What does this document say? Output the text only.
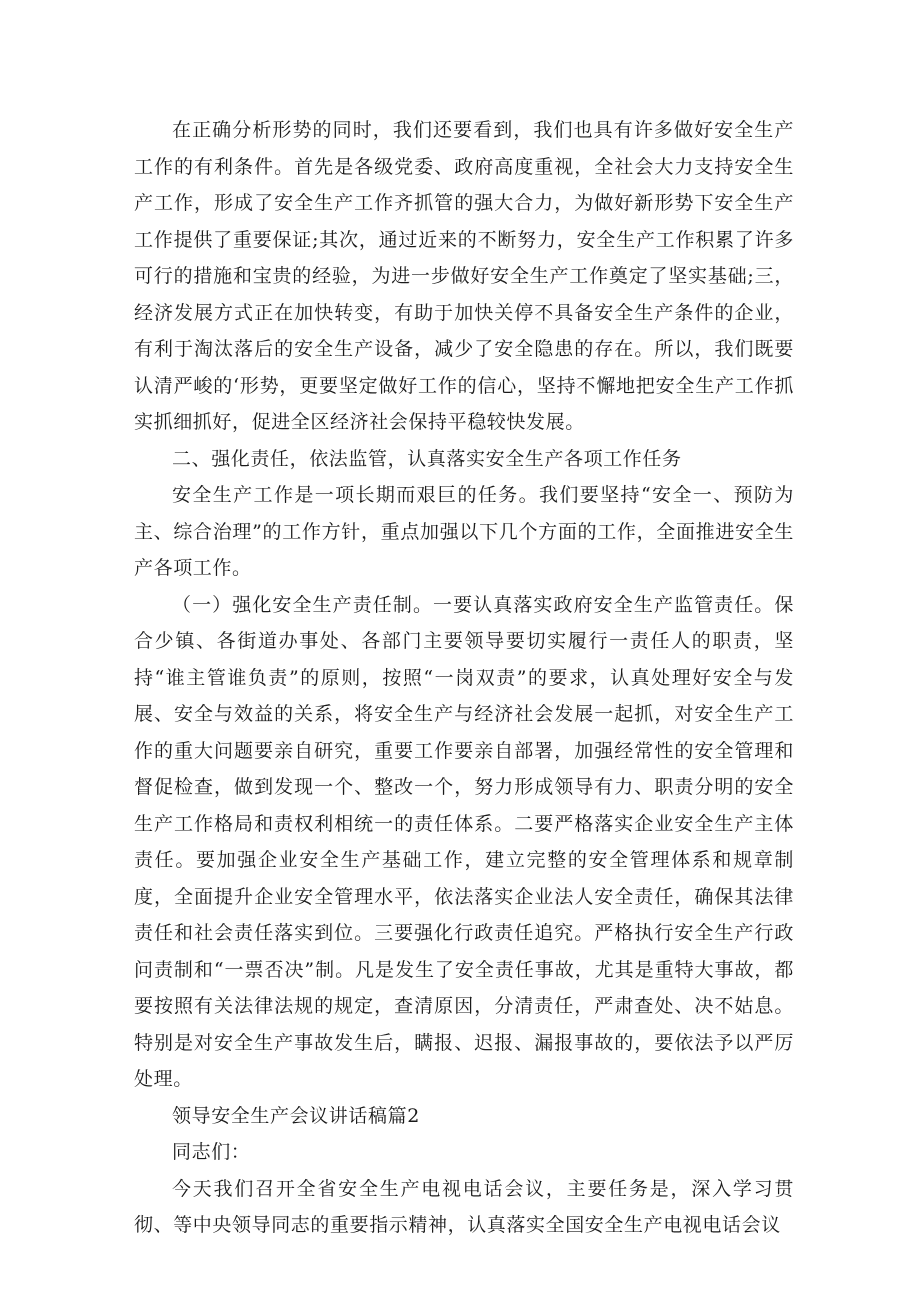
在正确分析形势的同时，我们还要看到，我们也具有许多做好安全生产工作的有利条件。首先是各级党委、政府高度重视，全社会大力支持安全生产工作，形成了安全生产工作齐抓管的强大合力，为做好新形势下安全生产工作提供了重要保证;其次，通过近来的不断努力，安全生产工作积累了许多可行的措施和宝贵的经验，为进一步做好安全生产工作奠定了坚实基础;三，经济发展方式正在加快转变，有助于加快关停不具备安全生产条件的企业，有利于淘汰落后的安全生产设备，减少了安全隐患的存在。所以，我们既要认清严峻的‘形势，更要坚定做好工作的信心，坚持不懈地把安全生产工作抓实抓细抓好，促进全区经济社会保持平稳较快发展。

二、强化责任，依法监管，认真落实安全生产各项工作任务

安全生产工作是一项长期而艰巨的任务。我们要坚持“安全一、预防为主、综合治理”的工作方针，重点加强以下几个方面的工作，全面推进安全生产各项工作。

（一）强化安全生产责任制。一要认真落实政府安全生产监管责任。保合少镇、各街道办事处、各部门主要领导要切实履行一责任人的职责，坚持“谁主管谁负责”的原则，按照“一岗双责”的要求，认真处理好安全与发展、安全与效益的关系，将安全生产与经济社会发展一起抓，对安全生产工作的重大问题要亲自研究，重要工作要亲自部署，加强经常性的安全管理和督促检查，做到发现一个、整改一个，努力形成领导有力、职责分明的安全生产工作格局和责权利相统一的责任体系。二要严格落实企业安全生产主体责任。要加强企业安全生产基础工作，建立完整的安全管理体系和规章制度，全面提升企业安全管理水平，依法落实企业法人安全责任，确保其法律责任和社会责任落实到位。三要强化行政责任追究。严格执行安全生产行政问责制和“一票否决”制。凡是发生了安全责任事故，尤其是重特大事故，都要按照有关法律法规的规定，查清原因，分清责任，严肃查处、决不姑息。特别是对安全生产事故发生后，瞒报、迟报、漏报事故的，要依法予以严厉处理。

领导安全生产会议讲话稿篇2

同志们：

今天我们召开全省安全生产电视电话会议，主要任务是，深入学习贯彻、等中央领导同志的重要指示精神，认真落实全国安全生产电视电话会议
